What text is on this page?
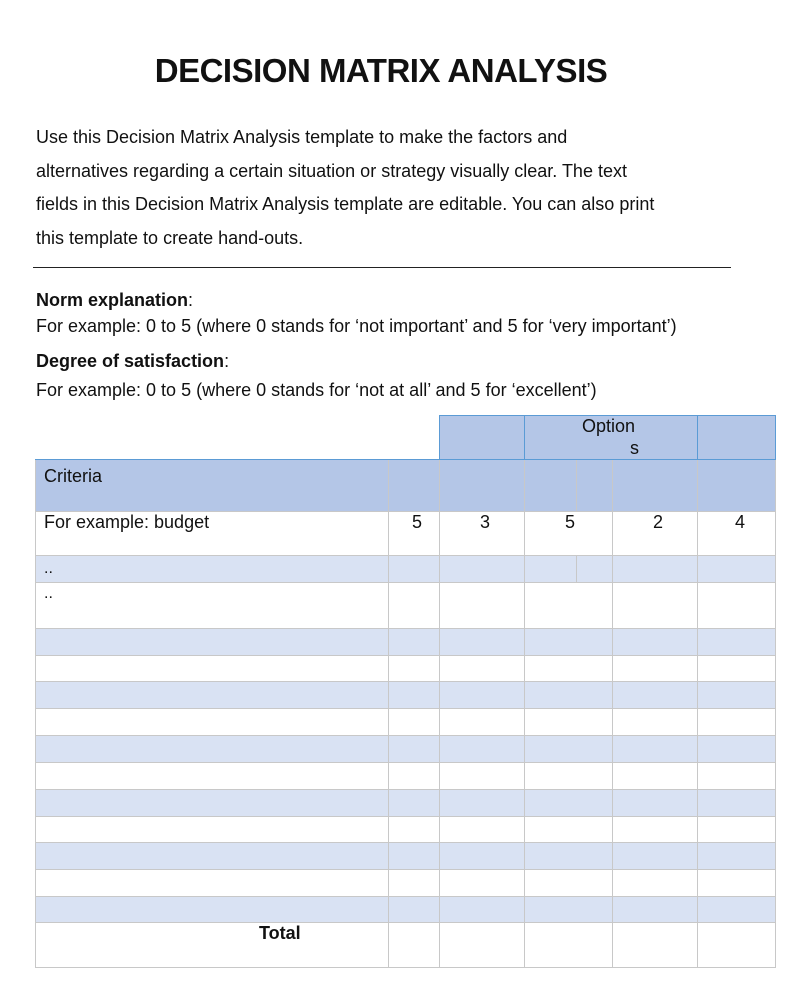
DECISION MATRIX ANALYSIS
Use this Decision Matrix Analysis template to make the factors and
alternatives regarding a certain situation or strategy visually clear. The text
fields in this Decision Matrix Analysis template are editable. You can also print
this template to create hand-outs.
Norm explanation:
For example: 0 to 5 (where 0 stands for ‘not important’ and 5 for ‘very important’)
Degree of satisfaction:
For example: 0 to 5 (where 0 stands for ‘not at all’ and 5 for ‘excellent’)
Option
s
Criteria
For example: budget	5	3	5	2	4
..
..
Total
